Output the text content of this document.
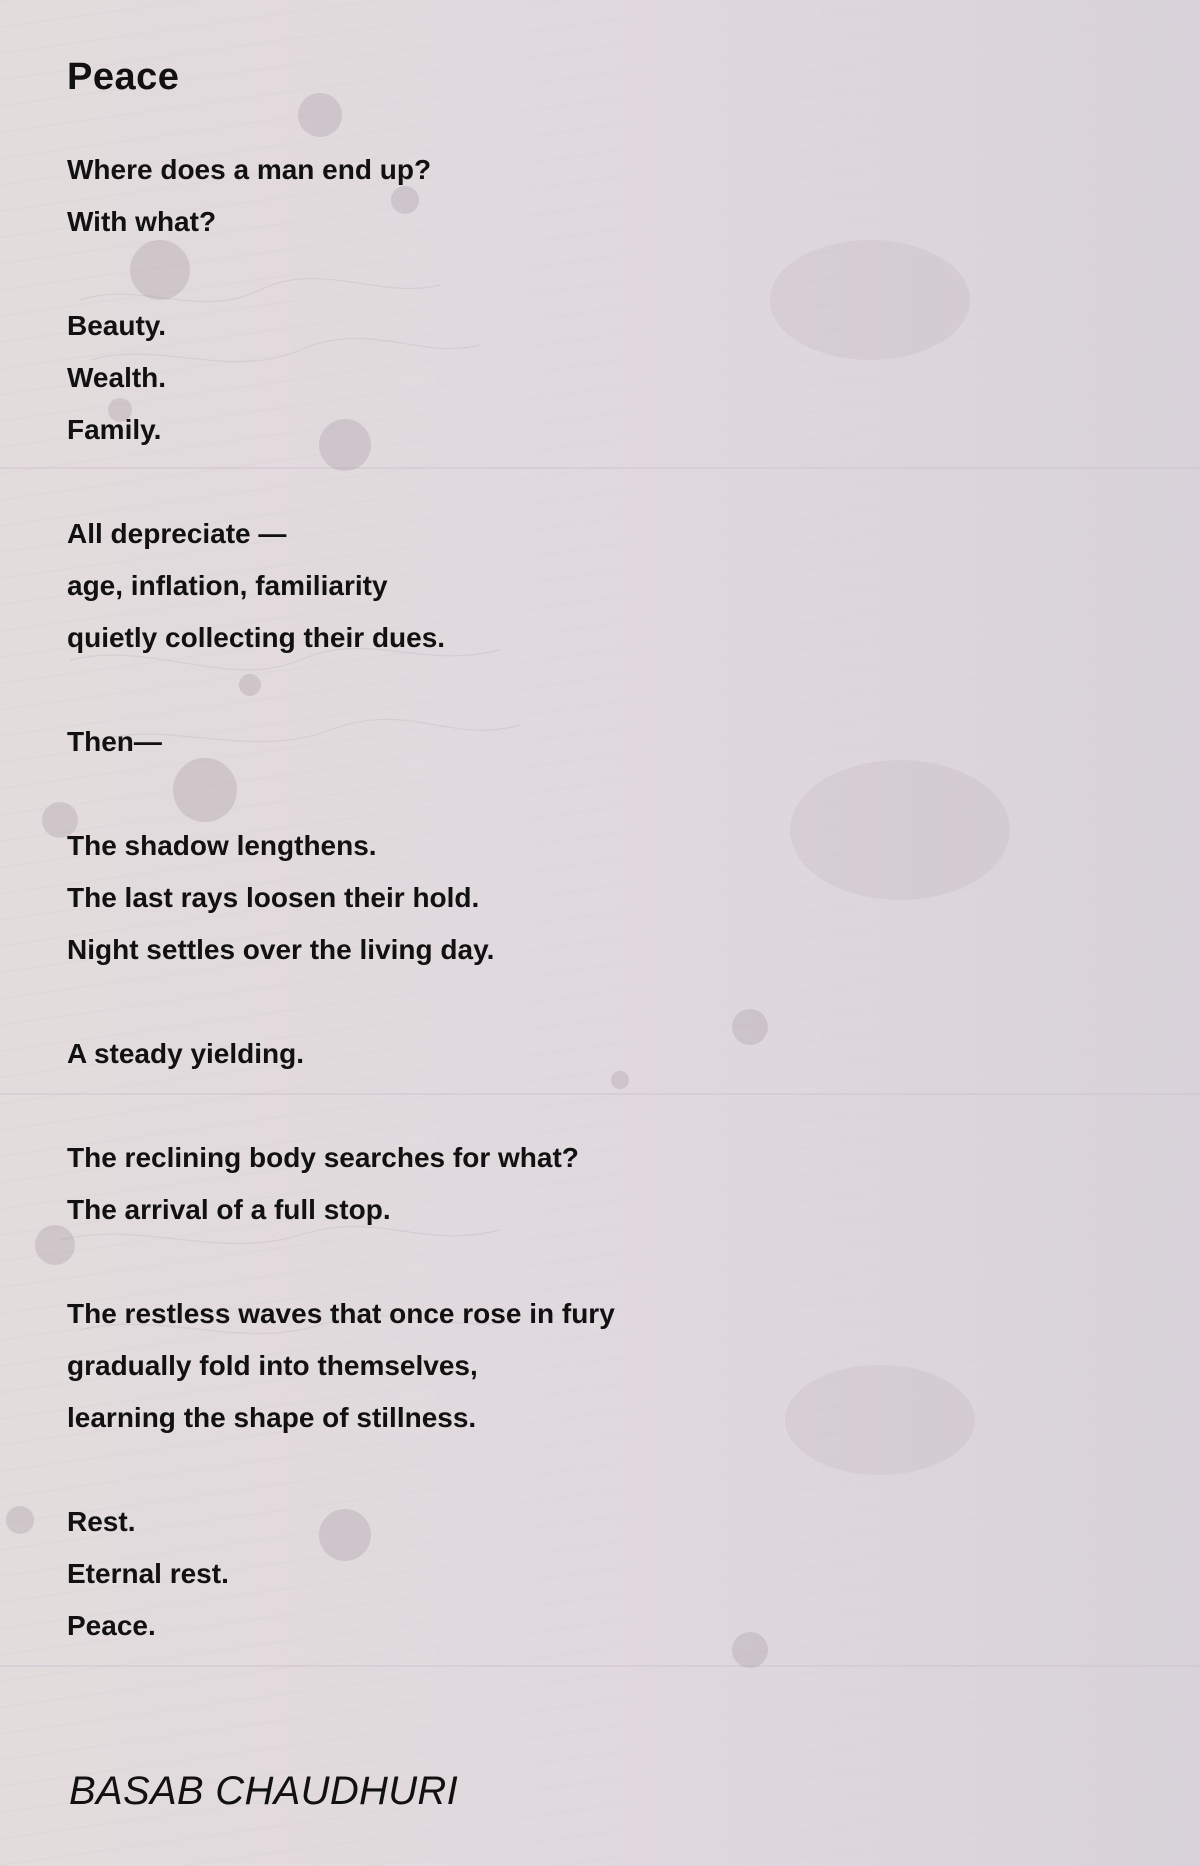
Peace

Where does a man end up?
With what?

Beauty.
Wealth.
Family.

All depreciate —
age, inflation, familiarity
quietly collecting their dues.

Then—

The shadow lengthens.
The last rays loosen their hold.
Night settles over the living day.

A steady yielding.

The reclining body searches for what?
The arrival of a full stop.

The restless waves that once rose in fury
gradually fold into themselves,
learning the shape of stillness.

Rest.
Eternal rest.
Peace.

BASAB CHAUDHURI
